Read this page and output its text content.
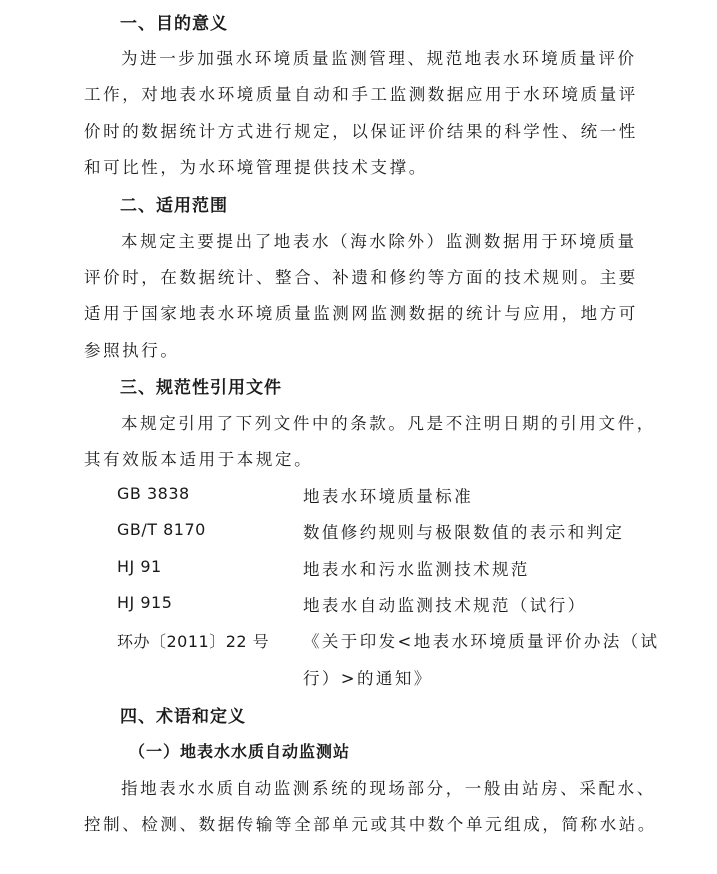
一、目的意义
为进一步加强水环境质量监测管理、规范地表水环境质量评价
工作，对地表水环境质量自动和手工监测数据应用于水环境质量评
价时的数据统计方式进行规定，以保证评价结果的科学性、统一性
和可比性，为水环境管理提供技术支撑。
二、适用范围
本规定主要提出了地表水（海水除外）监测数据用于环境质量
评价时，在数据统计、整合、补遗和修约等方面的技术规则。主要
适用于国家地表水环境质量监测网监测数据的统计与应用，地方可
参照执行。
三、规范性引用文件
本规定引用了下列文件中的条款。凡是不注明日期的引用文件，
其有效版本适用于本规定。
GB 3838	地表水环境质量标准
GB/T 8170	数值修约规则与极限数值的表示和判定
HJ 91	地表水和污水监测技术规范
HJ 915	地表水自动监测技术规范（试行）
环办〔2011〕22 号 《关于印发<地表水环境质量评价办法（试
行）>的通知》
四、术语和定义
（一）地表水水质自动监测站
指地表水水质自动监测系统的现场部分，一般由站房、采配水、
控制、检测、数据传输等全部单元或其中数个单元组成，简称水站。
